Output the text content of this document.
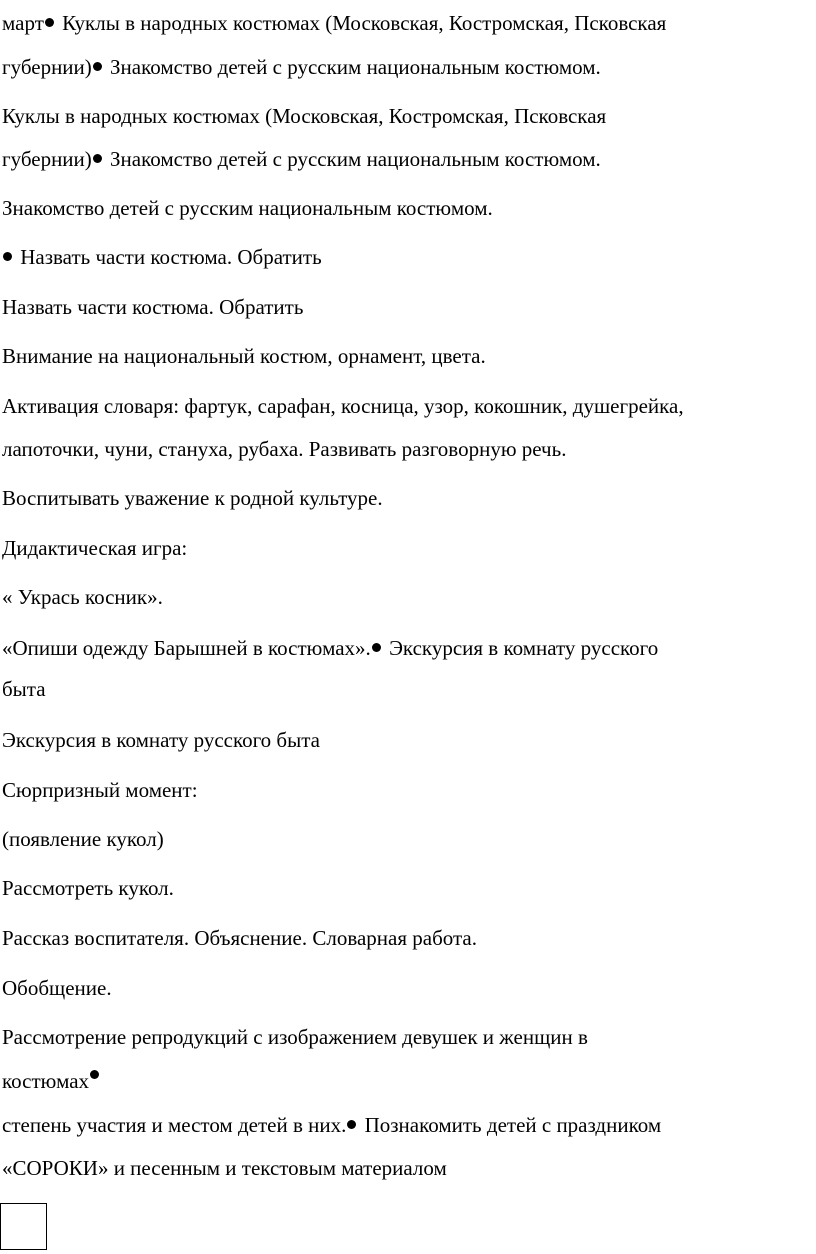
март Куклы в народных костюмах (Московская, Костромская, Псковская
губернии) Знакомство детей с русским национальным костюмом.
Куклы в народных костюмах (Московская, Костромская, Псковская
губернии) Знакомство детей с русским национальным костюмом.
Знакомство детей с русским национальным костюмом.
Назвать части костюма. Обратить
Назвать части костюма. Обратить
Внимание на национальный костюм, орнамент, цвета.
Активация словаря: фартук, сарафан, косница, узор, кокошник, душегрейка,
лапоточки, чуни, стануха, рубаха. Развивать разговорную речь.
Воспитывать уважение к родной культуре.
Дидактическая игра:
« Укрась косник».
«Опиши одежду Барышней в костюмах». Экскурсия в комнату русского
быта
Экскурсия в комнату русского быта
Сюрпризный момент:
(появление кукол)
Рассмотреть кукол.
Рассказ воспитателя. Объяснение. Словарная работа.
Обобщение.
Рассмотрение репродукций с изображением девушек и женщин в
костюмах
степень участия и местом детей в них. Познакомить детей с праздником
«СОРОКИ» и песенным и текстовым материалом
